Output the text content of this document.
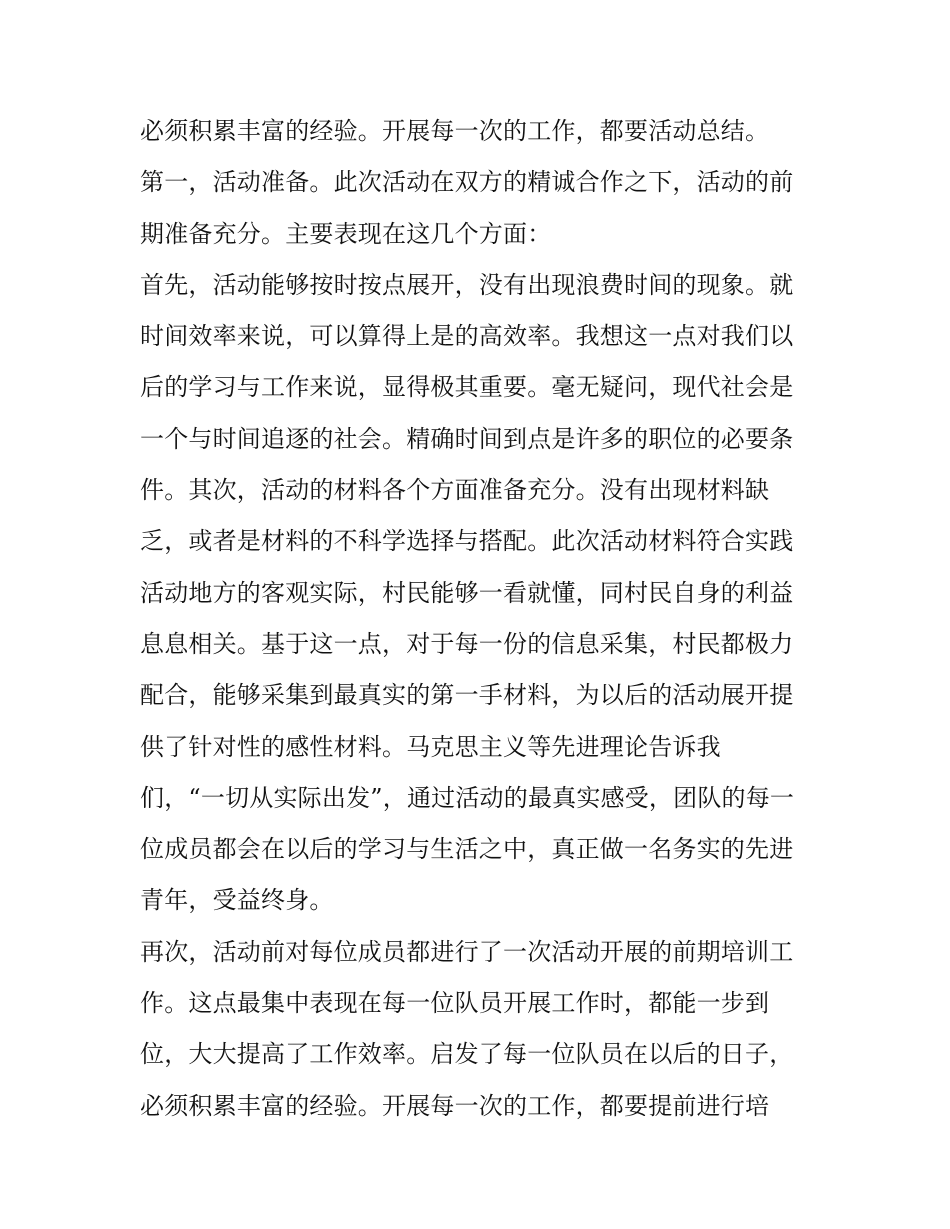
必须积累丰富的经验。开展每一次的工作，都要活动总结。
第一，活动准备。此次活动在双方的精诚合作之下，活动的前
期准备充分。主要表现在这几个方面：
首先，活动能够按时按点展开，没有出现浪费时间的现象。就
时间效率来说，可以算得上是的高效率。我想这一点对我们以
后的学习与工作来说，显得极其重要。毫无疑问，现代社会是
一个与时间追逐的社会。精确时间到点是许多的职位的必要条
件。其次，活动的材料各个方面准备充分。没有出现材料缺
乏，或者是材料的不科学选择与搭配。此次活动材料符合实践
活动地方的客观实际，村民能够一看就懂，同村民自身的利益
息息相关。基于这一点，对于每一份的信息采集，村民都极力
配合，能够采集到最真实的第一手材料，为以后的活动展开提
供了针对性的感性材料。马克思主义等先进理论告诉我
们，“一切从实际出发”，通过活动的最真实感受，团队的每一
位成员都会在以后的学习与生活之中，真正做一名务实的先进
青年，受益终身。
再次，活动前对每位成员都进行了一次活动开展的前期培训工
作。这点最集中表现在每一位队员开展工作时，都能一步到
位，大大提高了工作效率。启发了每一位队员在以后的日子，
必须积累丰富的经验。开展每一次的工作，都要提前进行培
